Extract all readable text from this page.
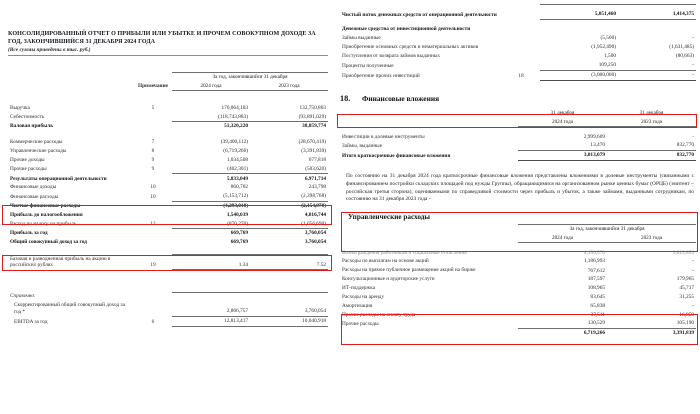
КОНСОЛИДИРОВАННЫЙ ОТЧЕТ О ПРИБЫЛИ ИЛИ УБЫТКЕ И ПРОЧЕМ СОВОКУПНОМ ДОХОДЕ ЗА ГОД, ЗАКОНЧИВШИЙСЯ 31 ДЕКАБРЯ 2024 ГОДА
(Все суммы приведены в тыс. руб.)
		За год, закончившийся 31 декабря	
	Примечание	2024 года	2023 года

Выручка	5	170,064,103	132,750,803
Себестоимость		(118,743,883)	(93,891,029)
Валовая прибыль		51,320,220	38,859,774

Коммерческие расходы	7	(39,400,112)	(28,670,419)
Управленческие расходы	8	(6,719,266)	(3,391,839)
Прочие доходы	9	1,034,508	677,818
Прочие расходы	9	(402,301)	(503,620)
Результаты операционной деятельности		5,833,049	6,971,714
Финансовые доходы	10	860,702	243,798
Финансовые расходы	10	(5,153,712)	(2,398,768)
Чистые финансовые расходы		(4,293,010)	(2,154,970)
Прибыль до налогообложения		1,540,039	4,816,744
Расход по налогу на прибыль	12	(870,270)	(1,056,690)
Прибыль за год		669,769	3,760,054
Общий совокупный доход за год		669,769	3,760,054

Базовая и разводненная прибыль на акцию в российских рублях	19	1.34	7.52

Справочно:			
Скорректированный общий совокупный доход за год *		2,866,757	3,760,054
EBITDA за год	6	12,813,417	10,040,918

Чистый поток денежных средств от операционной деятельности		5,051,460	1,414,375

Денежные средства от инвестиционной деятельности			
Займы выданные		(5,500)	-
Приобретение основных средств и нематериальных активов		(1,952,490)	(1,631,485)
Поступления от возврата займов выданных		1,500	(80,663)
Проценты полученные		109,250	-
Приобретение прочих инвестиций	18	(3,000,000)	-

18.	Финансовые вложения
	31 декабря	31 декабря
	2024 года	2023 года

Инвестиции в долевые инструменты	2,999,609	-
Займы, выданные	13,470	832,770
Итого краткосрочные финансовые вложения	3,013,079	832,770

По состоянию на 31 декабря 2024 года краткосрочные финансовые вложения представлены вложениями в долевые инструменты (связанными с финансированием постройки складских площадей под нужды Группы), обращающимися на организованном рынке ценных бумаг (ОРЦБ) (эмитент – российская третья сторона), оцениваемыми по справедливой стоимости через прибыль и убыток, а также займами, выданными сотрудникам, по состоянию на 31 декабря 2023 года -

Управленческие расходы
	За год, закончившийся 31 декабря	
	2024 года	2023 года

Вознаграждения работникам и социальные отчисления	4,150,576	3,012,853
Расходы по выплатам на основе акций	1,186,993	-
Расходы на прямое публичное размещение акций на бирже	767,612	-
Консультационные и аудиторские услуги	187,597	179,965
ИТ-поддержка	108,965	45,717
Расходы на аренду	83,645	31,255
Амортизация	65,838	-
Прочие расходы на оплату труда	37,511	16,859
Прочие расходы	130,529	105,190
	6,719,266	3,391,839
